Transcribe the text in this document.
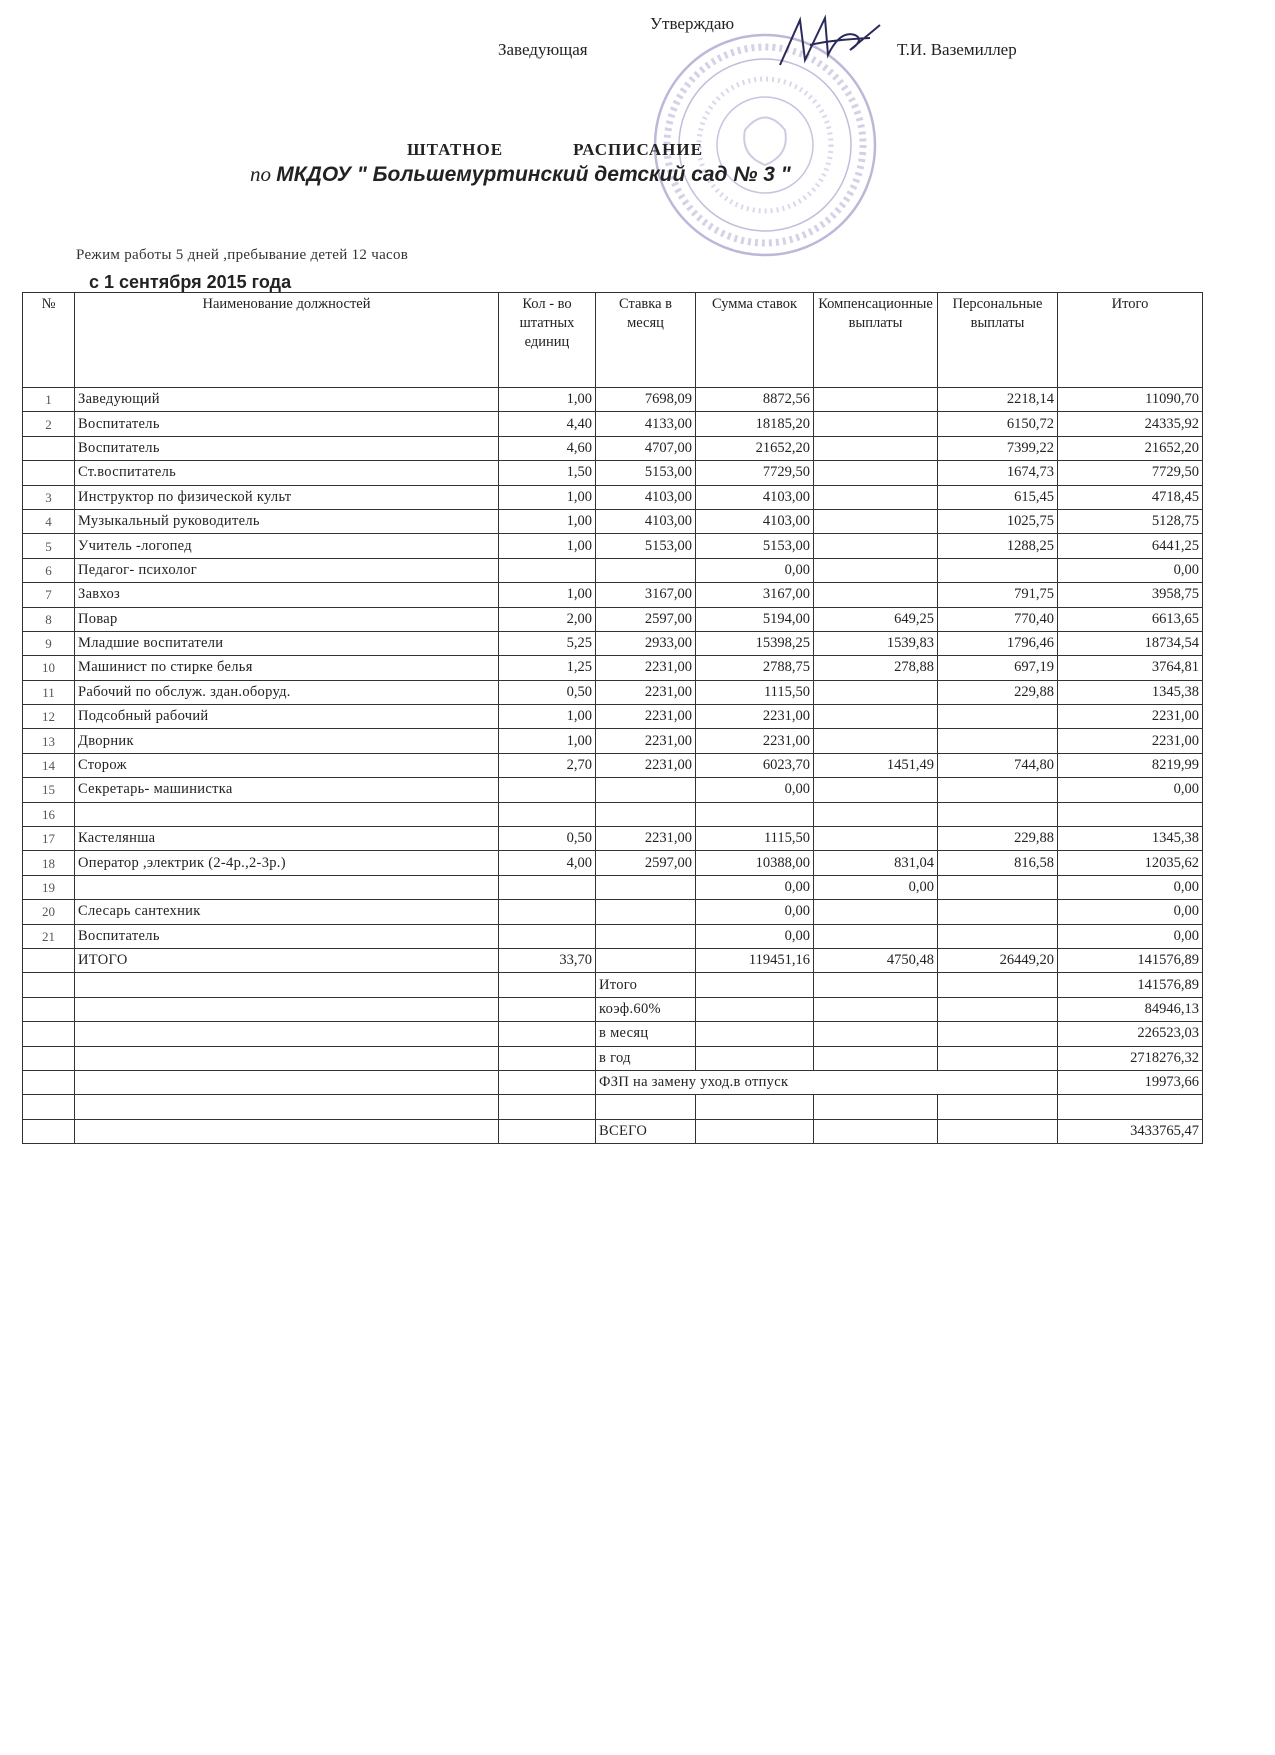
Утверждаю
Заведующая	Т.И. Ваземиллер
ШТАТНОЕ	РАСПИСАНИЕ
по МКДОУ " Большемуртинский детский сад № 3 "
Режим работы 5 дней ,пребывание детей 12 часов
с 1 сентября 2015 года
№	Наименование должностей	Кол - во штатных единиц	Ставка в месяц	Сумма ставок	Компенсационные выплаты	Персональные выплаты	Итого
1	Заведующий	1,00	7698,09	8872,56		2218,14	11090,70
2	Воспитатель	4,40	4133,00	18185,20		6150,72	24335,92
	Воспитатель	4,60	4707,00	21652,20		7399,22	21652,20
	Ст.воспитатель	1,50	5153,00	7729,50		1674,73	7729,50
3	Инструктор по физической культ	1,00	4103,00	4103,00		615,45	4718,45
4	Музыкальный руководитель	1,00	4103,00	4103,00		1025,75	5128,75
5	Учитель -логопед	1,00	5153,00	5153,00		1288,25	6441,25
6	Педагог- психолог			0,00			0,00
7	Завхоз	1,00	3167,00	3167,00		791,75	3958,75
8	Повар	2,00	2597,00	5194,00	649,25	770,40	6613,65
9	Младшие воспитатели	5,25	2933,00	15398,25	1539,83	1796,46	18734,54
10	Машинист по стирке белья	1,25	2231,00	2788,75	278,88	697,19	3764,81
11	Рабочий по обслуж. здан.оборуд.	0,50	2231,00	1115,50		229,88	1345,38
12	Подсобный рабочий	1,00	2231,00	2231,00			2231,00
13	Дворник	1,00	2231,00	2231,00			2231,00
14	Сторож	2,70	2231,00	6023,70	1451,49	744,80	8219,99
15	Секретарь- машинистка			0,00			0,00
16							
17	Кастелянша	0,50	2231,00	1115,50		229,88	1345,38
18	Оператор ,электрик (2-4р.,2-3р.)	4,00	2597,00	10388,00	831,04	816,58	12035,62
19				0,00	0,00		0,00
20	Слесарь сантехник			0,00			0,00
21	Воспитатель			0,00			0,00
	ИТОГО	33,70		119451,16	4750,48	26449,20	141576,89
			Итого				141576,89
			коэф.60%				84946,13
			в месяц				226523,03
			в год				2718276,32
			ФЗП на замену уход.в отпуск				19973,66

			ВСЕГО				3433765,47
